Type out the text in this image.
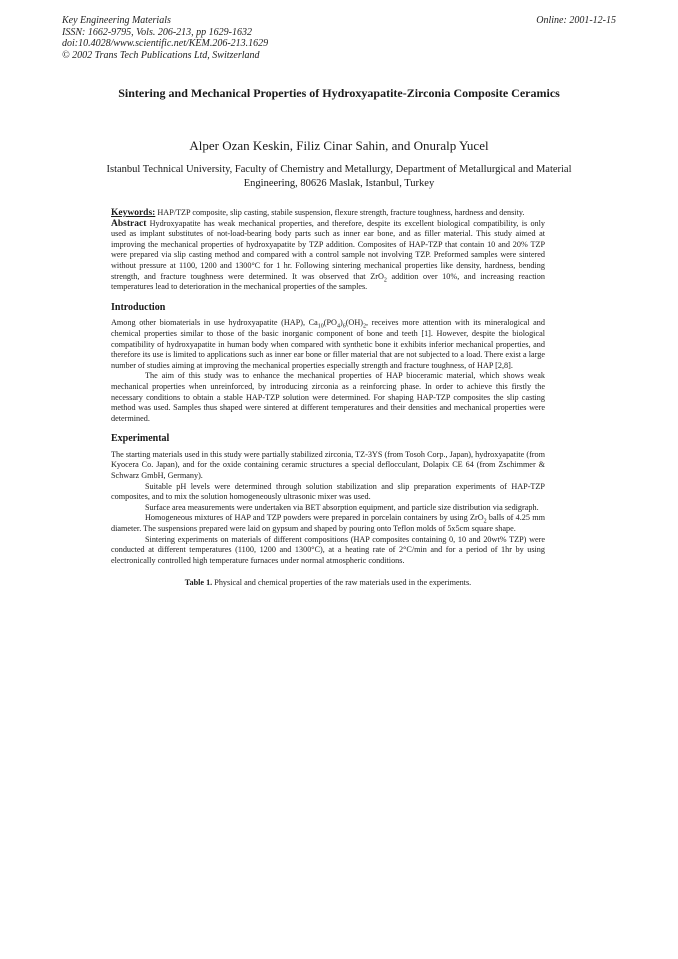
Key Engineering Materials
ISSN: 1662-9795, Vols. 206-213, pp 1629-1632
doi:10.4028/www.scientific.net/KEM.206-213.1629
© 2002 Trans Tech Publications Ltd, Switzerland
Online: 2001-12-15
Sintering and Mechanical Properties of Hydroxyapatite-Zirconia Composite Ceramics
Alper Ozan Keskin, Filiz Cinar Sahin, and Onuralp Yucel
Istanbul Technical University, Faculty of Chemistry and Metallurgy, Department of Metallurgical and Material Engineering, 80626 Maslak, Istanbul, Turkey

Keywords: HAP/TZP composite, slip casting, stabile suspension, flexure strength, fracture toughness, hardness and density.

Abstract Hydroxyapatite has weak mechanical properties, and therefore, despite its excellent biological compatibility, is only used as implant substitutes of not-load-bearing body parts such as inner ear bone, and as filler material. This study aimed at improving the mechanical properties of hydroxyapatite by TZP addition. Composites of HAP-TZP that contain 10 and 20% TZP were prepared via slip casting method and compared with a control sample not involving TZP. Preformed samples were sintered without pressure at 1100, 1200 and 1300°C for 1 hr. Following sintering mechanical properties like density, hardness, bending strength, and fracture toughness were determined. It was observed that ZrO$_2$ addition over 10%, and increasing reaction temperatures lead to deterioration in the mechanical properties of the samples.

Introduction

Among other biomaterials in use hydroxyapatite (HAP), $Ca_{10}(PO_4)_6(OH)_2$, receives more attention with its mineralogical and chemical properties similar to those of the basic inorganic component of bone and teeth [1]. However, despite the biological compatibility of hydroxyapatite in human body when compared with synthetic bone it exhibits inferior mechanical properties, and therefore its use is limited to applications such as inner ear bone or filler material that are not subjected to a load. There exist a large number of studies aiming at improving the mechanical properties especially strength and fracture toughness, of HAP [2,8].

The aim of this study was to enhance the mechanical properties of HAP bioceramic material, which shows weak mechanical properties when unreinforced, by introducing zirconia as a reinforcing phase. In order to achieve this firstly the necessary conditions to obtain a stable HAP-TZP solution were determined. For shaping HAP-TZP composites the slip casting method was used. Samples thus shaped were sintered at different temperatures and their densities and mechanical properties were determined.

Experimental

The starting materials used in this study were partially stabilized zirconia, TZ-3YS (from Tosoh Corp., Japan), hydroxyapatite (from Kyocera Co. Japan), and for the oxide containing ceramic structures a special deflocculant, Dolapix CE 64 (from Zschimmer & Schwarz GmbH, Germany).

Suitable pH levels were determined through solution stabilization and slip preparation experiments of HAP-TZP composites, and to mix the solution homogeneously ultrasonic mixer was used.

Surface area measurements were undertaken via BET absorption equipment, and particle size distribution via sedigraph.

Homogeneous mixtures of HAP and TZP powders were prepared in porcelain containers by using ZrO$_2$ balls of 4.25 mm diameter. The suspensions prepared were laid on gypsum and shaped by pouring onto Teflon molds of 5x5cm square shape.

Sintering experiments on materials of different compositions (HAP composites containing 0, 10 and 20wt% TZP) were conducted at different temperatures (1100, 1200 and 1300°C), at a heating rate of 2°C/min and for a period of 1hr by using electronically controlled high temperature furnaces under normal atmospheric conditions.

Table 1. Physical and chemical properties of the raw materials used in the experiments.
